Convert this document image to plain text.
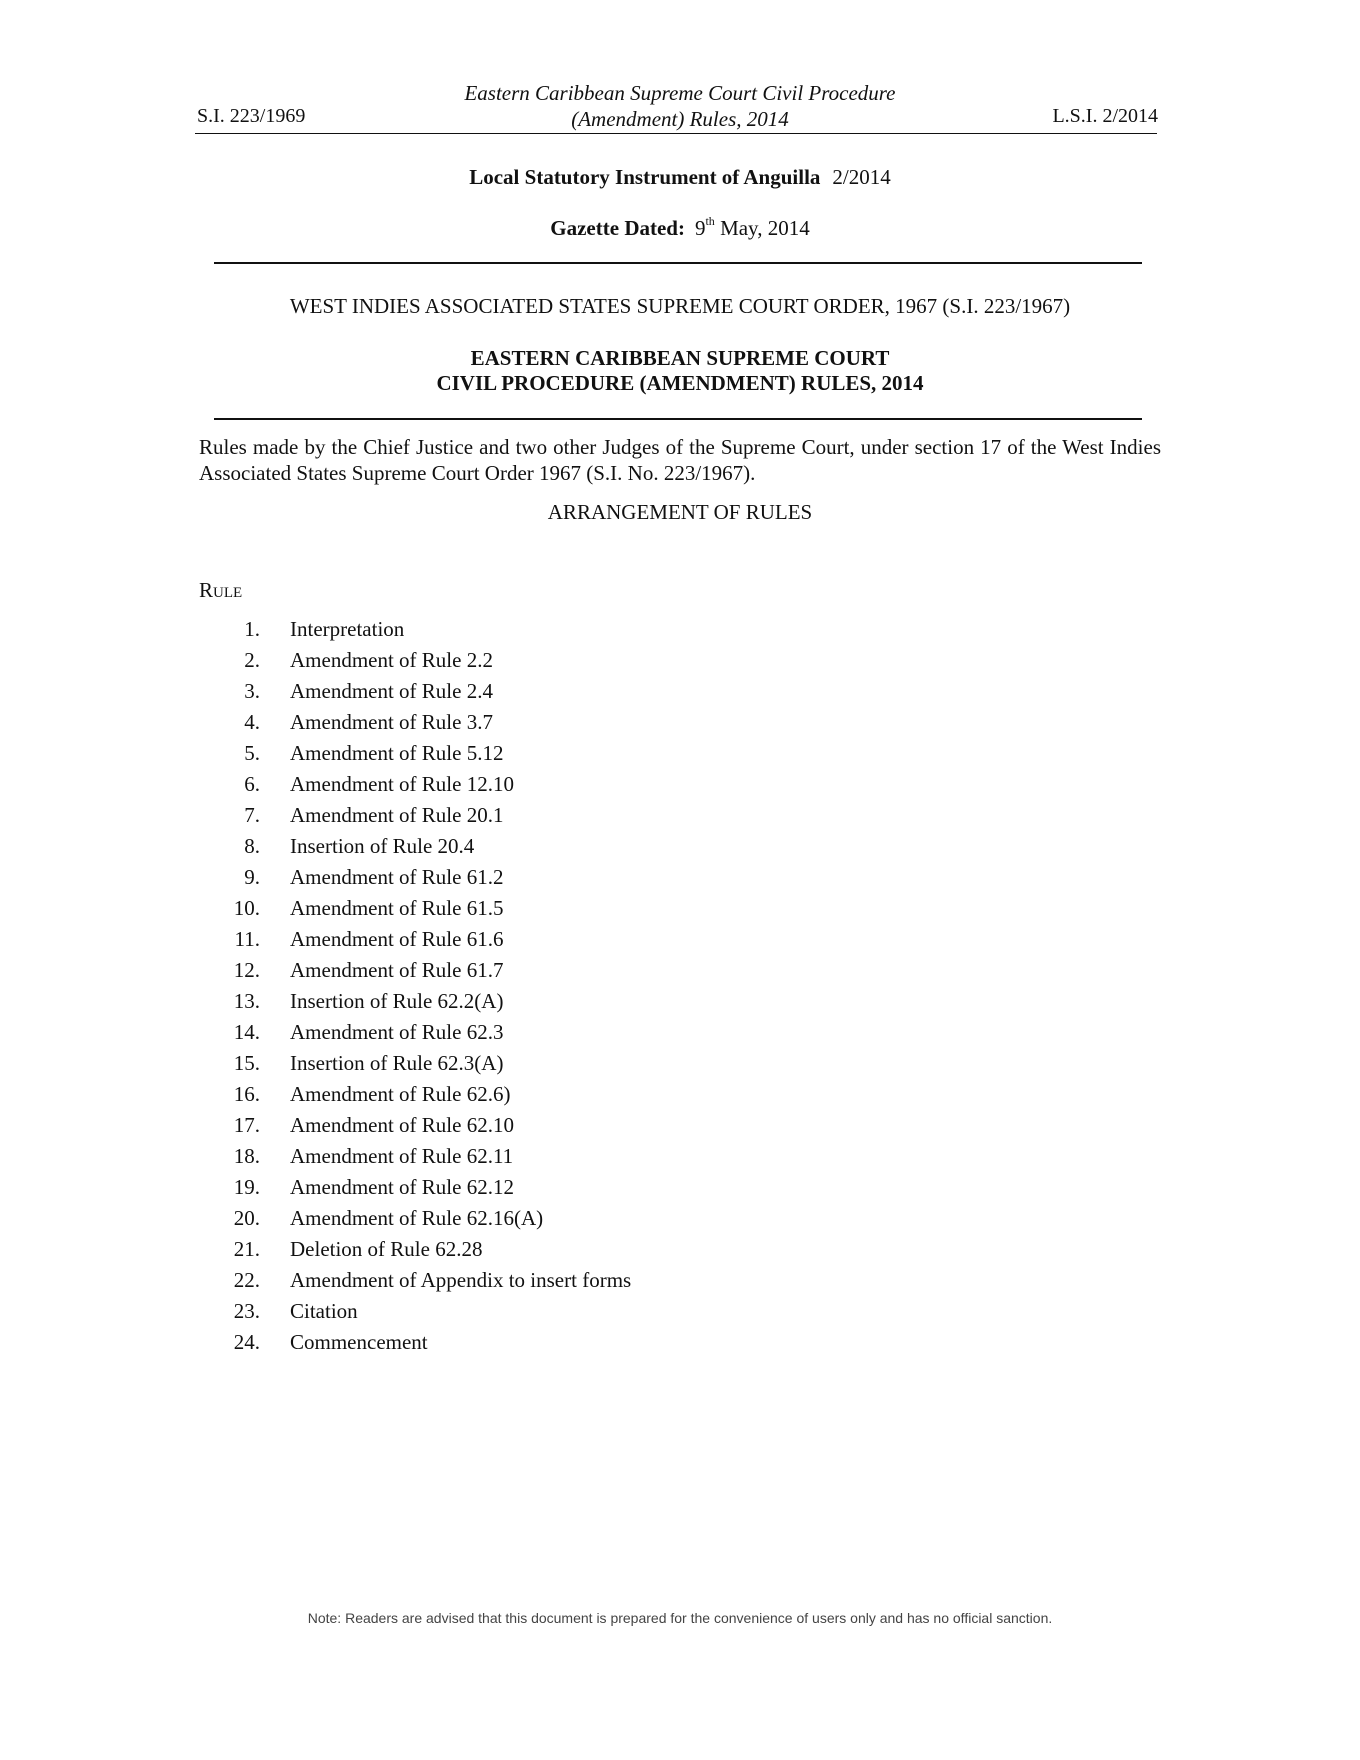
S.I. 223/1969
Eastern Caribbean Supreme Court Civil Procedure
(Amendment) Rules, 2014	L.S.I. 2/2014
Local Statutory Instrument of Anguilla 2/2014
Gazette Dated: 9th May, 2014
WEST INDIES ASSOCIATED STATES SUPREME COURT ORDER, 1967 (S.I. 223/1967)
EASTERN CARIBBEAN SUPREME COURT
CIVIL PROCEDURE (AMENDMENT) RULES, 2014
Rules made by the Chief Justice and two other Judges of the Supreme Court, under section 17 of the West Indies Associated States Supreme Court Order 1967 (S.I. No. 223/1967).
ARRANGEMENT OF RULES
Rule
1. Interpretation
2. Amendment of Rule 2.2
3. Amendment of Rule 2.4
4. Amendment of Rule 3.7
5. Amendment of Rule 5.12
6. Amendment of Rule 12.10
7. Amendment of Rule 20.1
8. Insertion of Rule 20.4
9. Amendment of Rule 61.2
10. Amendment of Rule 61.5
11. Amendment of Rule 61.6
12. Amendment of Rule 61.7
13. Insertion of Rule 62.2(A)
14. Amendment of Rule 62.3
15. Insertion of Rule 62.3(A)
16. Amendment of Rule 62.6)
17. Amendment of Rule 62.10
18. Amendment of Rule 62.11
19. Amendment of Rule 62.12
20. Amendment of Rule 62.16(A)
21. Deletion of Rule 62.28
22. Amendment of Appendix to insert forms
23. Citation
24. Commencement
Note: Readers are advised that this document is prepared for the convenience of users only and has no official sanction.
